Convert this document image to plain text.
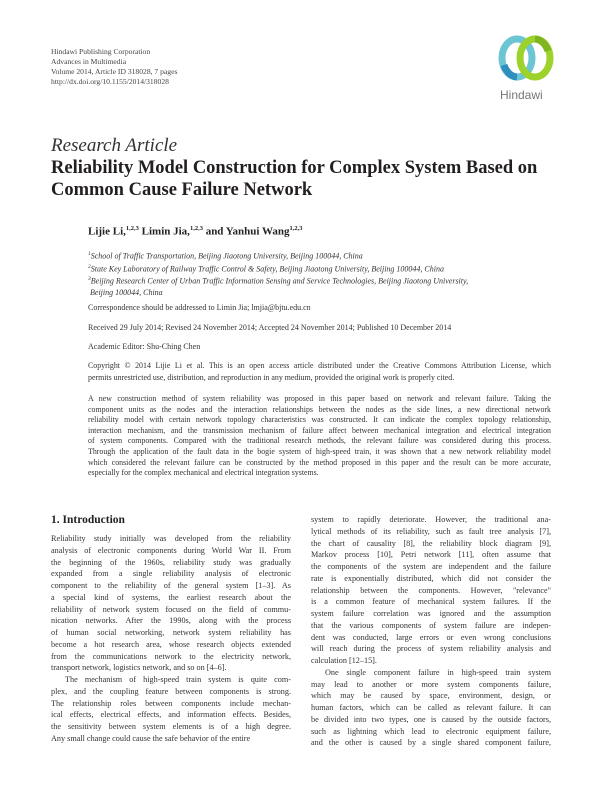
Hindawi Publishing Corporation
Advances in Multimedia
Volume 2014, Article ID 318028, 7 pages
http://dx.doi.org/10.1155/2014/318028
Hindawi
Research Article
Reliability Model Construction for Complex System Based on
Common Cause Failure Network
Lijie Li,$^{1,2,3}$ Limin Jia,$^{1,2,3}$ and Yanhui Wang$^{1,2,3}$
$^1$School of Traffic Transportation, Beijing Jiaotong University, Beijing 100044, China
$^2$State Key Laboratory of Railway Traffic Control & Safety, Beijing Jiaotong University, Beijing 100044, China
$^3$Beijing Research Center of Urban Traffic Information Sensing and Service Technologies, Beijing Jiaotong University,
Beijing 100044, China
Correspondence should be addressed to Limin Jia; lmjia@bjtu.edu.cn
Received 29 July 2014; Revised 24 November 2014; Accepted 24 November 2014; Published 10 December 2014
Academic Editor: Shu-Ching Chen
Copyright © 2014 Lijie Li et al. This is an open access article distributed under the Creative Commons Attribution License, which
permits unrestricted use, distribution, and reproduction in any medium, provided the original work is properly cited.
A new construction method of system reliability was proposed in this paper based on network and relevant failure. Taking the
component units as the nodes and the interaction relationships between the nodes as the side lines, a new directional network
reliability model with certain network topology characteristics was constructed. It can indicate the complex topology relationship,
interaction mechanism, and the transmission mechanism of failure affect between mechanical integration and electrical integration
of system components. Compared with the traditional research methods, the relevant failure was considered during this process.
Through the application of the fault data in the bogie system of high-speed train, it was shown that a new network reliability model
which considered the relevant failure can be constructed by the method proposed in this paper and the result can be more accurate,
especially for the complex mechanical and electrical integration systems.
1. Introduction
Reliability study initially was developed from the reliability
analysis of electronic components during World War II. From
the beginning of the 1960s, reliability study was gradually
expanded from a single reliability analysis of electronic
component to the reliability of the general system [1–3]. As
a special kind of systems, the earliest research about the
reliability of network system focused on the field of commu-
nication networks. After the 1990s, along with the process
of human social networking, network system reliability has
become a hot research area, whose research objects extended
from the communications network to the electricity network,
transport network, logistics network, and so on [4–6].
The mechanism of high-speed train system is quite com-
plex, and the coupling feature between components is strong.
The relationship roles between components include mechan-
ical effects, electrical effects, and information effects. Besides,
the sensitivity between system elements is of a high degree.
Any small change could cause the safe behavior of the entire
system to rapidly deteriorate. However, the traditional ana-
lytical methods of its reliability, such as fault tree analysis [7],
the chart of causality [8], the reliability block diagram [9],
Markov process [10], Petri network [11], often assume that
the components of the system are independent and the failure
rate is exponentially distributed, which did not consider the
relationship between the components. However, "relevance"
is a common feature of mechanical system failures. If the
system failure correlation was ignored and the assumption
that the various components of system failure are indepen-
dent was conducted, large errors or even wrong conclusions
will reach during the process of system reliability analysis and
calculation [12–15].
One single component failure in high-speed train system
may lead to another or more system components failure,
which may be caused by space, environment, design, or
human factors, which can be called as relevant failure. It can
be divided into two types, one is caused by the outside factors,
such as lightning which lead to electronic equipment failure,
and the other is caused by a single shared component failure,
